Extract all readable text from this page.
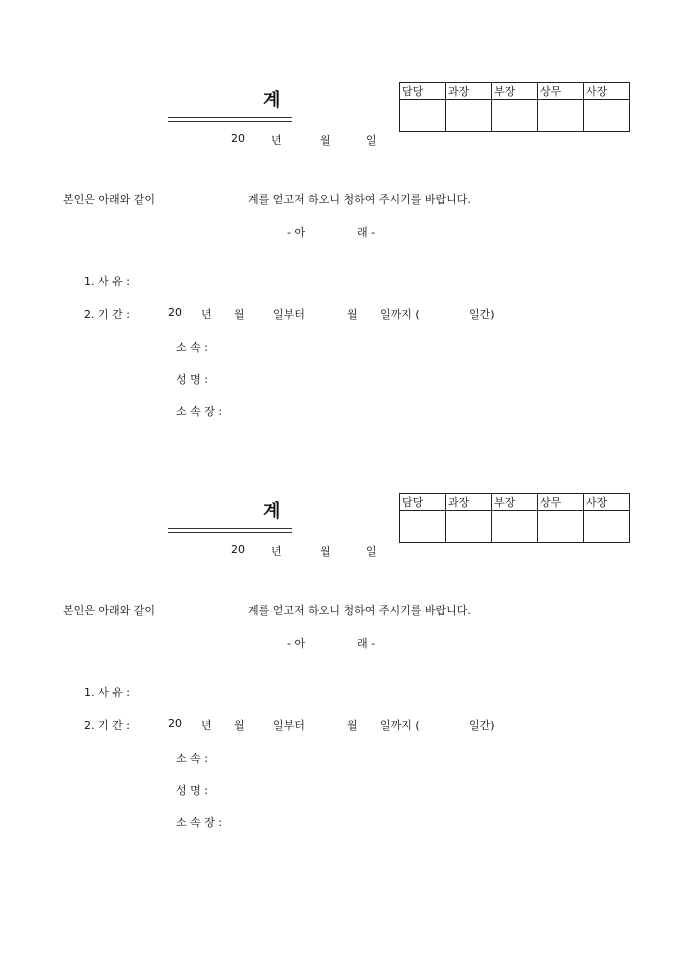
계	담당	과장	부장	상무	사장

20 년	월	일
본인은 아래와 같이	계를 얻고저 하오니 청하여 주시기를 바랍니다.
- 아	래 -
1. 사 유 :
2. 기 간 :	20 년 월	일부터	월 일까지 (	일간)
소 속 :
성 명 :
소 속 장 :
계	담당	과장	부장	상무	사장

20 년	월	일
본인은 아래와 같이	계를 얻고저 하오니 청하여 주시기를 바랍니다.
- 아	래 -
1. 사 유 :
2. 기 간 :	20 년 월	일부터	월 일까지 (	일간)
소 속 :
성 명 :
소 속 장 :
